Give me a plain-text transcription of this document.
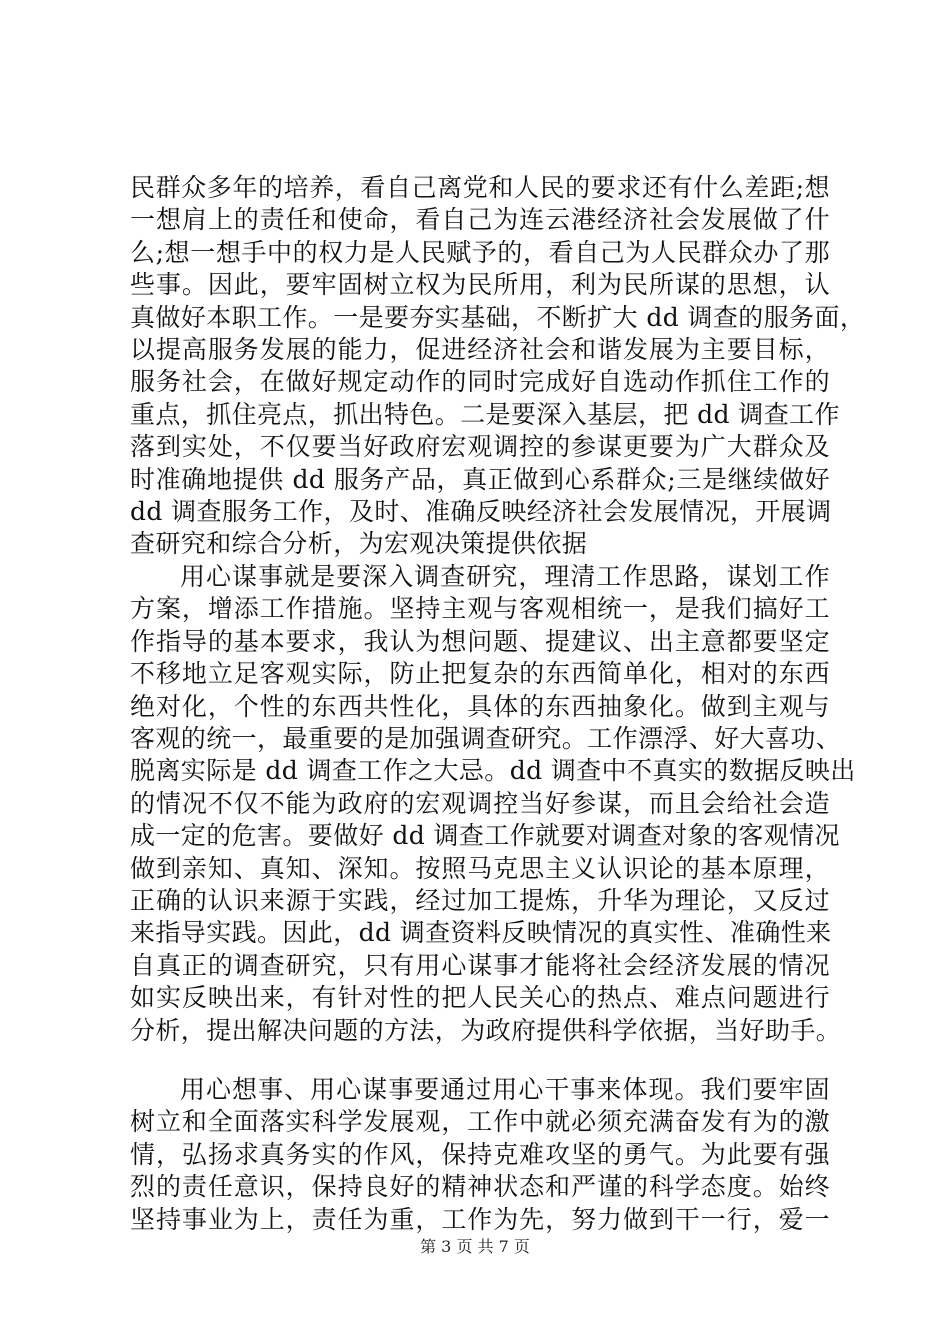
第 3 页 共 7 页
民群众多年的培养，看自己离党和人民的要求还有什么差距;想
一想肩上的责任和使命，看自己为连云港经济社会发展做了什
么;想一想手中的权力是人民赋予的，看自己为人民群众办了那
些事。因此，要牢固树立权为民所用，利为民所谋的思想，认
真做好本职工作。一是要夯实基础，不断扩大 dd 调查的服务面，
以提高服务发展的能力，促进经济社会和谐发展为主要目标，
服务社会，在做好规定动作的同时完成好自选动作抓住工作的
重点，抓住亮点，抓出特色。二是要深入基层，把 dd 调查工作
落到实处，不仅要当好政府宏观调控的参谋更要为广大群众及
时准确地提供 dd 服务产品，真正做到心系群众;三是继续做好
dd 调查服务工作，及时、准确反映经济社会发展情况，开展调
查研究和综合分析，为宏观决策提供依据
用心谋事就是要深入调查研究，理清工作思路，谋划工作
方案，增添工作措施。坚持主观与客观相统一，是我们搞好工
作指导的基本要求，我认为想问题、提建议、出主意都要坚定
不移地立足客观实际，防止把复杂的东西简单化，相对的东西
绝对化，个性的东西共性化，具体的东西抽象化。做到主观与
客观的统一，最重要的是加强调查研究。工作漂浮、好大喜功、
脱离实际是 dd 调查工作之大忌。dd 调查中不真实的数据反映出
的情况不仅不能为政府的宏观调控当好参谋，而且会给社会造
成一定的危害。要做好 dd 调查工作就要对调查对象的客观情况
做到亲知、真知、深知。按照马克思主义认识论的基本原理，
正确的认识来源于实践，经过加工提炼，升华为理论，又反过
来指导实践。因此，dd 调查资料反映情况的真实性、准确性来
自真正的调查研究，只有用心谋事才能将社会经济发展的情况
如实反映出来，有针对性的把人民关心的热点、难点问题进行
分析，提出解决问题的方法，为政府提供科学依据，当好助手。
用心想事、用心谋事要通过用心干事来体现。我们要牢固
树立和全面落实科学发展观，工作中就必须充满奋发有为的激
情，弘扬求真务实的作风，保持克难攻坚的勇气。为此要有强
烈的责任意识，保持良好的精神状态和严谨的科学态度。始终
坚持事业为上，责任为重，工作为先，努力做到干一行，爱一
